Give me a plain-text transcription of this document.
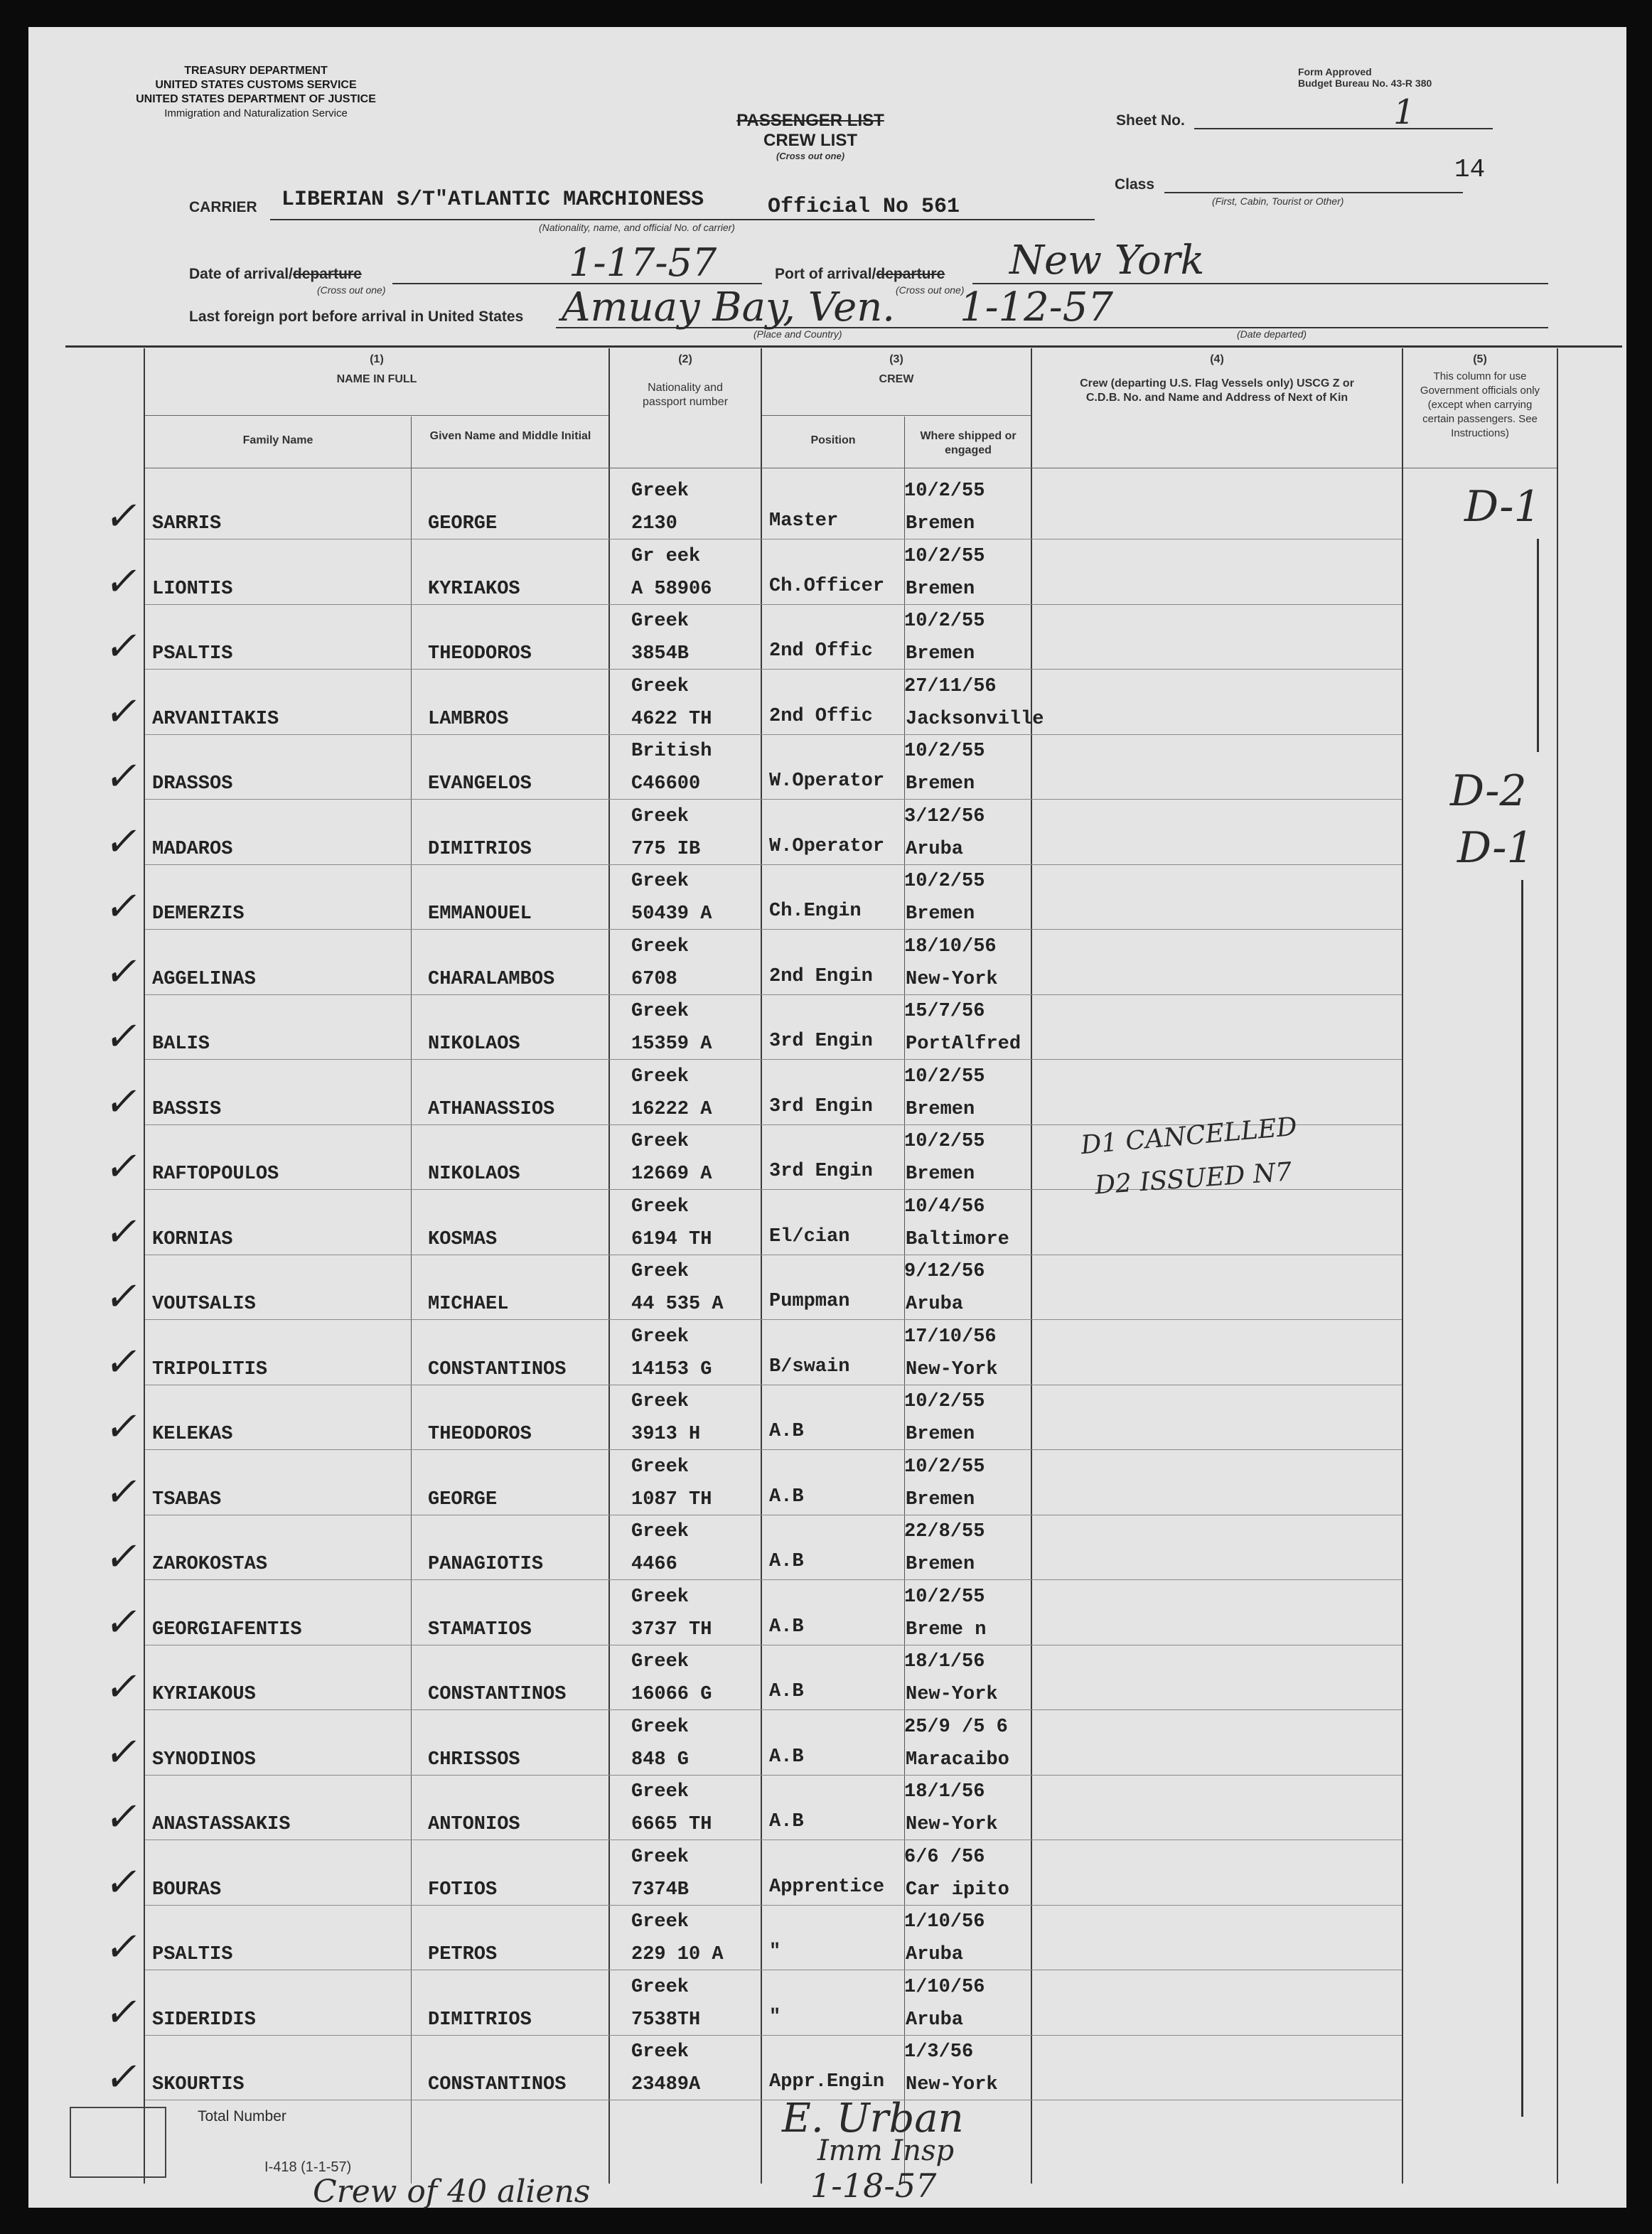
TREASURY DEPARTMENT
UNITED STATES CUSTOMS SERVICE
UNITED STATES DEPARTMENT OF JUSTICE
Immigration and Naturalization Service
Form Approved
Budget Bureau No. 43-R 380
PASSENGER LIST
CREW LIST
(Cross out one)
Sheet No.	1
Class
(First, Cabin, Tourist or Other)
14
CARRIER LIBERIAN S/T"ATLANTIC MARCHIONESS	Official No 561
(Nationality, name, and official No. of carrier)
Date of arrival/departure
(Cross out one)
1-17-57	Port of arrival/departure
(Cross out one)
New York
Last foreign port before arrival in United States Amuay Bay, Ven. 1-12-57
(Place and Country)	(Date departed)
(1)
NAME IN FULL
Family Name	Given Name and Middle Initial
(2)
Nationality and passport number
(3)
CREW
Position	Where shipped or engaged
(4)
Crew (departing U.S. Flag Vessels only) USCG Z or C.D.B. No. and Name and Address of Next of Kin
(5)
This column for use Government officials only (except when carrying certain passengers. See Instructions)
SARRIS	GEORGE
Greek
2130	Master
10/2/55
Bremen
✓
LIONTIS	KYRIAKOS
Gr eek
A 58906	Ch.Officer
10/2/55
Bremen
✓
PSALTIS	THEODOROS
Greek
3854B	2nd Offic
10/2/55
Bremen
✓
ARVANITAKIS	LAMBROS
Greek
4622 TH	2nd Offic
27/11/56
Jacksonville
✓
DRASSOS	EVANGELOS
British
C46600	W.Operator
10/2/55
Bremen
✓
MADAROS	DIMITRIOS
Greek
775 IB	W.Operator
3/12/56
Aruba
✓
DEMERZIS	EMMANOUEL
Greek
50439 A	Ch.Engin
10/2/55
Bremen
✓
AGGELINAS	CHARALAMBOS
Greek
6708	2nd Engin
18/10/56
New-York
✓
BALIS	NIKOLAOS
Greek
15359 A	3rd Engin
15/7/56
PortAlfred
✓
BASSIS	ATHANASSIOS
Greek
16222 A	3rd Engin
10/2/55
Bremen
✓
RAFTOPOULOS	NIKOLAOS
Greek
12669 A	3rd Engin
10/2/55
Bremen
✓
KORNIAS	KOSMAS
Greek
6194 TH	El/cian
10/4/56
Baltimore
✓
VOUTSALIS	MICHAEL
Greek
44 535 A Pumpman
9/12/56
Aruba
✓
TRIPOLITIS	CONSTANTINOS
Greek
14153 G	B/swain
17/10/56
New-York
✓
KELEKAS	THEODOROS
Greek
3913 H	A.B
10/2/55
Bremen
✓
TSABAS	GEORGE
Greek
1087 TH	A.B
10/2/55
Bremen
✓
ZAROKOSTAS	PANAGIOTIS
Greek
4466	A.B
22/8/55
Bremen
✓
GEORGIAFENTIS	STAMATIOS
Greek
3737 TH	A.B
10/2/55
Breme n
✓
KYRIAKOUS	CONSTANTINOS
Greek
16066 G	A.B
18/1/56
New-York
✓
SYNODINOS	CHRISSOS
Greek
848 G	A.B
25/9 /5 6
Maracaibo
✓
ANASTASSAKIS	ANTONIOS
Greek
6665 TH	A.B
18/1/56
New-York
✓
BOURAS	FOTIOS
Greek
7374B	Apprentice
6/6 /56
Car ipito
✓
PSALTIS	PETROS
Greek
229 10 A "
1/10/56
Aruba
✓
SIDERIDIS	DIMITRIOS
Greek
7538TH	"
1/10/56
Aruba
✓
SKOURTIS	CONSTANTINOS
Greek
23489A	Appr.Engin
1/3/56
New-York
✓
D-1
D-2
D-1
D1 CANCELLED
D2 ISSUED N7
Total Number
I-418 (1-1-57)
Crew of 40 aliens
E. Urban
Imm Insp
1-18-57
